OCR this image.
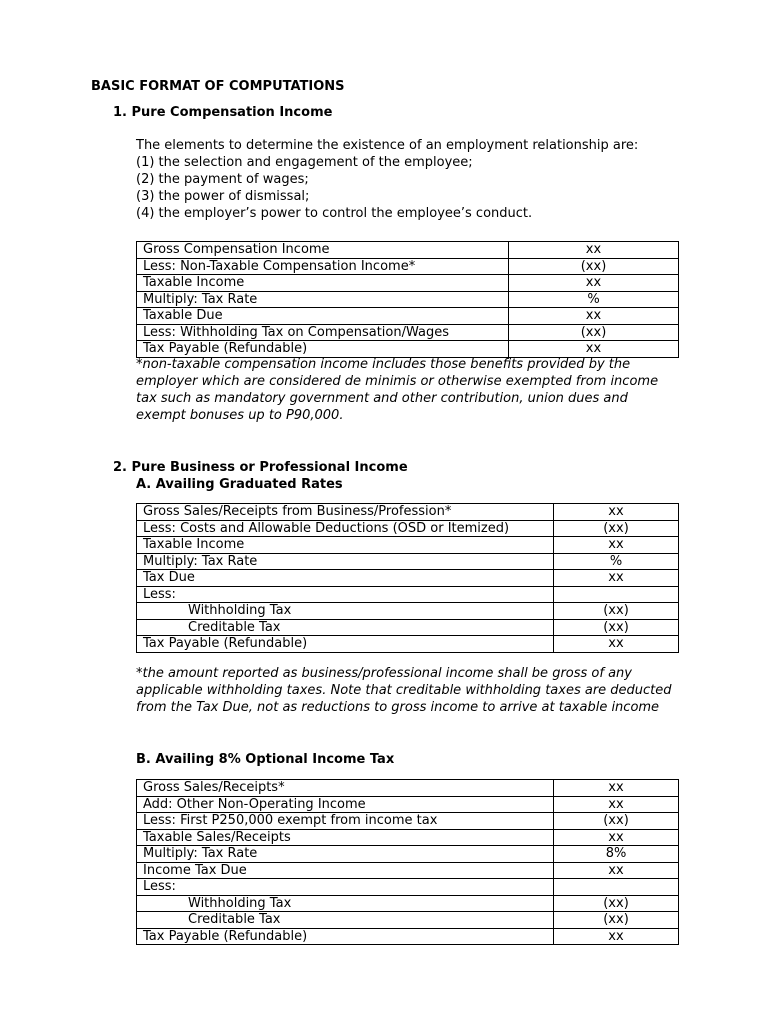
BASIC FORMAT OF COMPUTATIONS
1. Pure Compensation Income
The elements to determine the existence of an employment relationship are:
(1) the selection and engagement of the employee;
(2) the payment of wages;
(3) the power of dismissal;
(4) the employer’s power to control the employee’s conduct.
Gross Compensation Income	xx
Less: Non-Taxable Compensation Income*	(xx)
Taxable Income	xx
Multiply: Tax Rate	%
Taxable Due	xx
Less: Withholding Tax on Compensation/Wages	(xx)
Tax Payable (Refundable)	xx
*non-taxable compensation income includes those benefits provided by the
employer which are considered de minimis or otherwise exempted from income
tax such as mandatory government and other contribution, union dues and
exempt bonuses up to P90,000.
2. Pure Business or Professional Income
A. Availing Graduated Rates
Gross Sales/Receipts from Business/Profession*	xx
Less: Costs and Allowable Deductions (OSD or Itemized)	(xx)
Taxable Income	xx
Multiply: Tax Rate	%
Tax Due	xx
Less:	
Withholding Tax	(xx)
Creditable Tax	(xx)
Tax Payable (Refundable)	xx
*the amount reported as business/professional income shall be gross of any
applicable withholding taxes. Note that creditable withholding taxes are deducted
from the Tax Due, not as reductions to gross income to arrive at taxable income
B. Availing 8% Optional Income Tax
Gross Sales/Receipts*	xx
Add: Other Non-Operating Income	xx
Less: First P250,000 exempt from income tax	(xx)
Taxable Sales/Receipts	xx
Multiply: Tax Rate	8%
Income Tax Due	xx
Less:	
Withholding Tax	(xx)
Creditable Tax	(xx)
Tax Payable (Refundable)	xx
